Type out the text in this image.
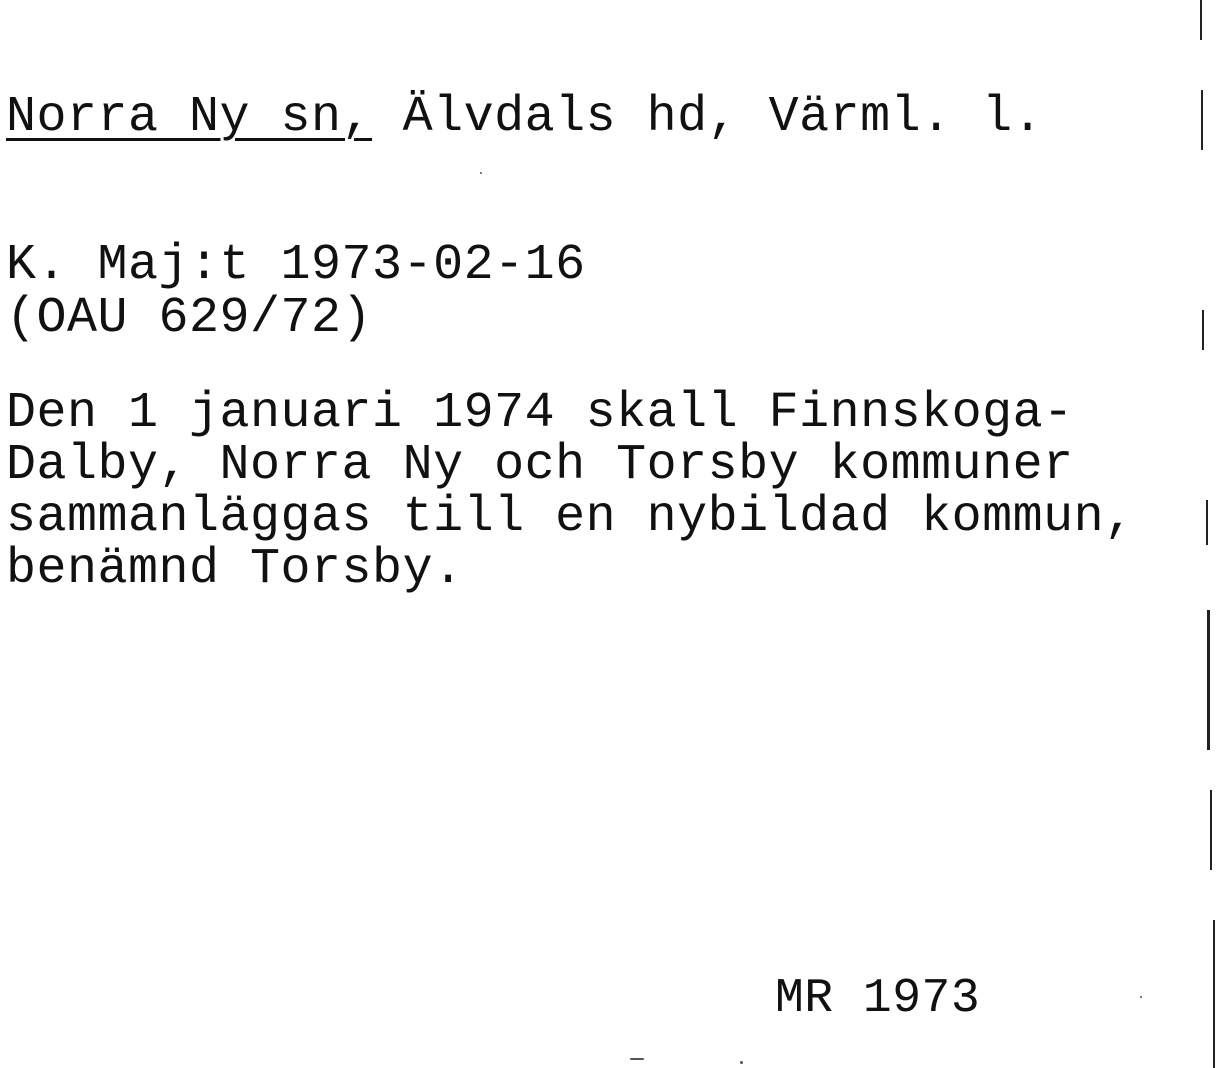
Norra Ny sn, Älvdals hd, Värml. l.
K. Maj:t 1973-02-16
(OAU 629/72)
Den 1 januari 1974 skall Finnskoga-
Dalby, Norra Ny och Torsby kommuner
sammanläggas till en nybildad kommun,
benämnd Torsby.
MR 1973
